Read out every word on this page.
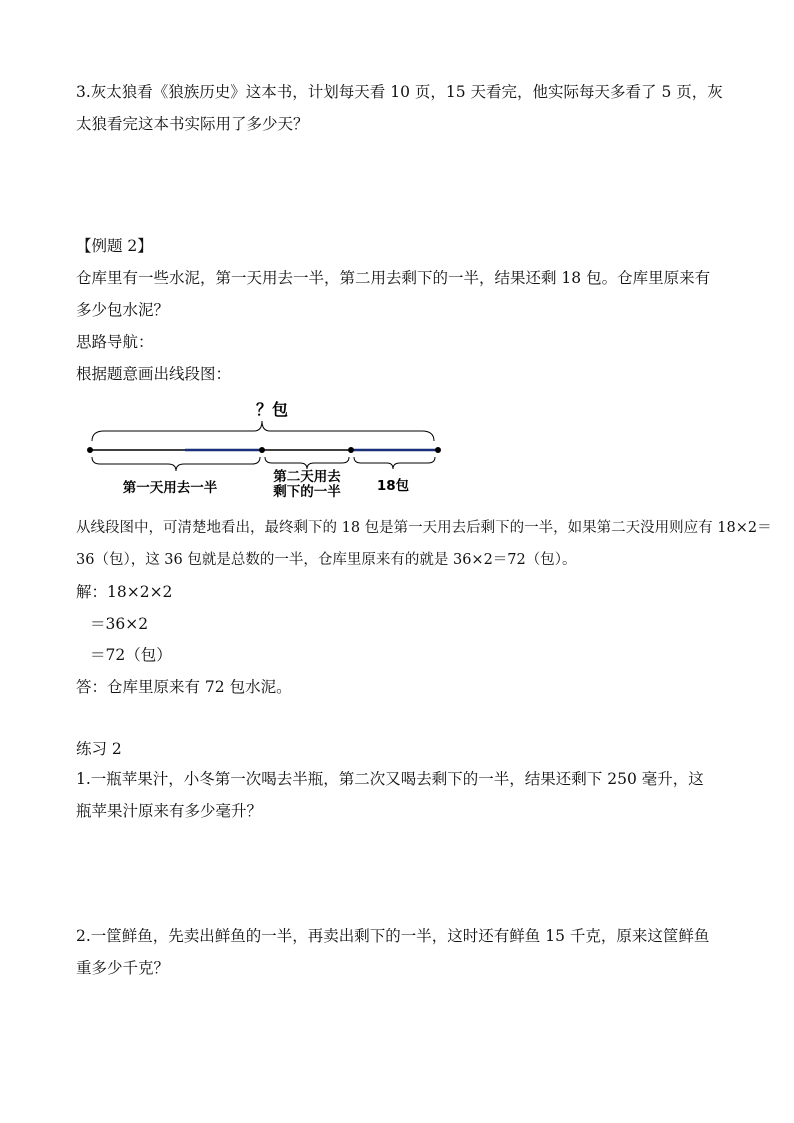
3.灰太狼看《狼族历史》这本书，计划每天看 10 页，15 天看完，他实际每天多看了 5 页，灰
太狼看完这本书实际用了多少天？
【例题 2】
仓库里有一些水泥，第一天用去一半，第二用去剩下的一半，结果还剩 18 包。仓库里原来有
多少包水泥？
思路导航：
根据题意画出线段图：
？包
第一天用去一半
第二天用去
剩下的一半	18包
从线段图中，可清楚地看出，最终剩下的 18 包是第一天用去后剩下的一半，如果第二天没用则应有 18×2＝
36（包），这 36 包就是总数的一半，仓库里原来有的就是 36×2＝72（包）。
解：18×2×2
＝36×2
＝72（包）
答：仓库里原来有 72 包水泥。
练习 2
1.一瓶苹果汁，小冬第一次喝去半瓶，第二次又喝去剩下的一半，结果还剩下 250 毫升，这
瓶苹果汁原来有多少毫升？
2.一筐鲜鱼，先卖出鲜鱼的一半，再卖出剩下的一半，这时还有鲜鱼 15 千克，原来这筐鲜鱼
重多少千克？
